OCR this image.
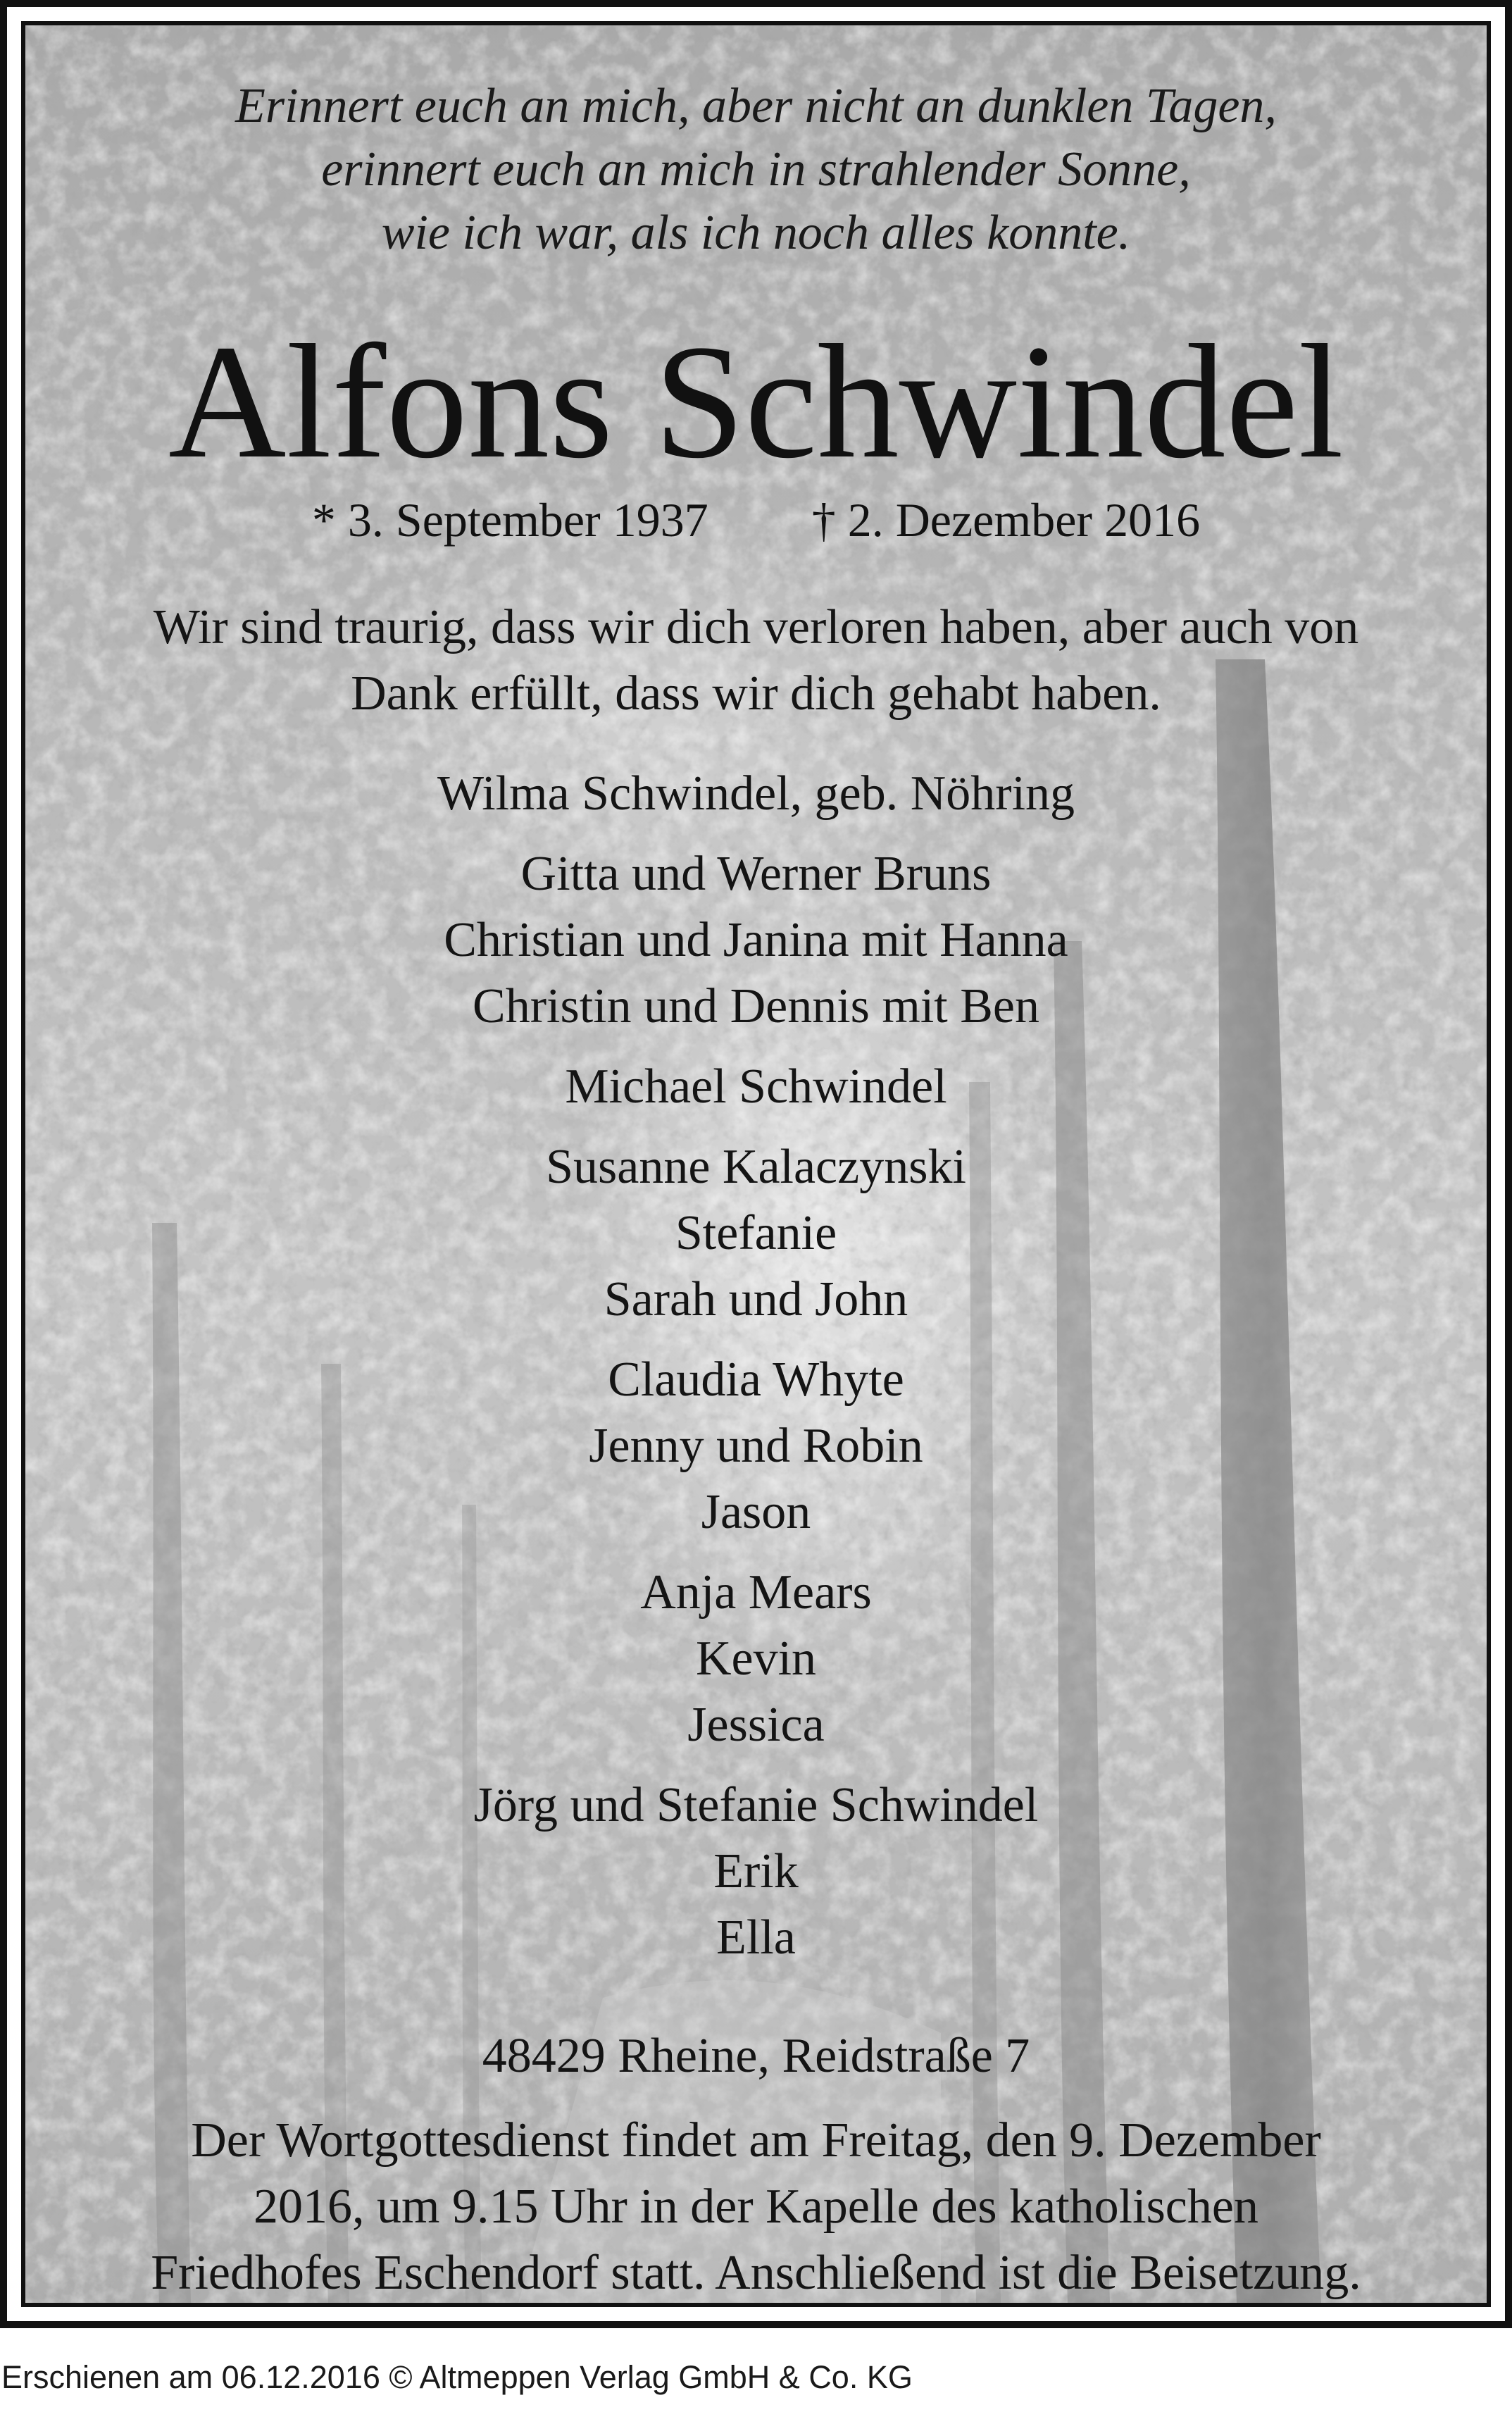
Erinnert euch an mich, aber nicht an dunklen Tagen,
erinnert euch an mich in strahlender Sonne,
wie ich war, als ich noch alles konnte.
Alfons Schwindel
* 3. September 1937 † 2. Dezember 2016
Wir sind traurig, dass wir dich verloren haben, aber auch von
Dank erfüllt, dass wir dich gehabt haben.
Wilma Schwindel, geb. Nöhring
Gitta und Werner Bruns
Christian und Janina mit Hanna
Christin und Dennis mit Ben
Michael Schwindel
Susanne Kalaczynski
Stefanie
Sarah und John
Claudia Whyte
Jenny und Robin
Jason
Anja Mears
Kevin
Jessica
Jörg und Stefanie Schwindel
Erik
Ella
48429 Rheine, Reidstraße 7
Der Wortgottesdienst findet am Freitag, den 9. Dezember
2016, um 9.15 Uhr in der Kapelle des katholischen
Friedhofes Eschendorf statt. Anschließend ist die Beisetzung.
Erschienen am 06.12.2016 © Altmeppen Verlag GmbH & Co. KG
